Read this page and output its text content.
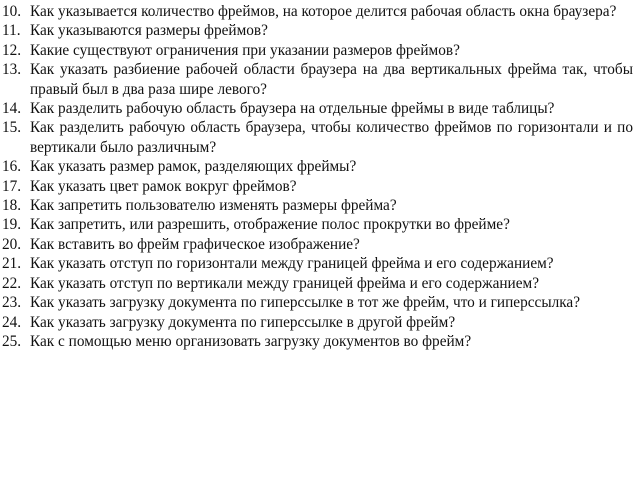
10. Как указывается количество фреймов, на которое делится рабочая область окна браузера?
11. Как указываются размеры фреймов?
12. Какие существуют ограничения при указании размеров фреймов?
13. Как указать разбиение рабочей области браузера на два вертикальных фрейма так, чтобы правый был в два раза шире левого?
14. Как разделить рабочую область браузера на отдельные фреймы в виде таблицы?
15. Как разделить рабочую область браузера, чтобы количество фреймов по горизонтали и по вертикали было различным?
16. Как указать размер рамок, разделяющих фреймы?
17. Как указать цвет рамок вокруг фреймов?
18. Как запретить пользователю изменять размеры фрейма?
19. Как запретить, или разрешить, отображение полос прокрутки во фрейме?
20. Как вставить во фрейм графическое изображение?
21. Как указать отступ по горизонтали между границей фрейма и его содержанием?
22. Как указать отступ по вертикали между границей фрейма и его содержанием?
23. Как указать загрузку документа по гиперссылке в тот же фрейм, что и гиперссылка?
24. Как указать загрузку документа по гиперссылке в другой фрейм?
25. Как с помощью меню организовать загрузку документов во фрейм?
